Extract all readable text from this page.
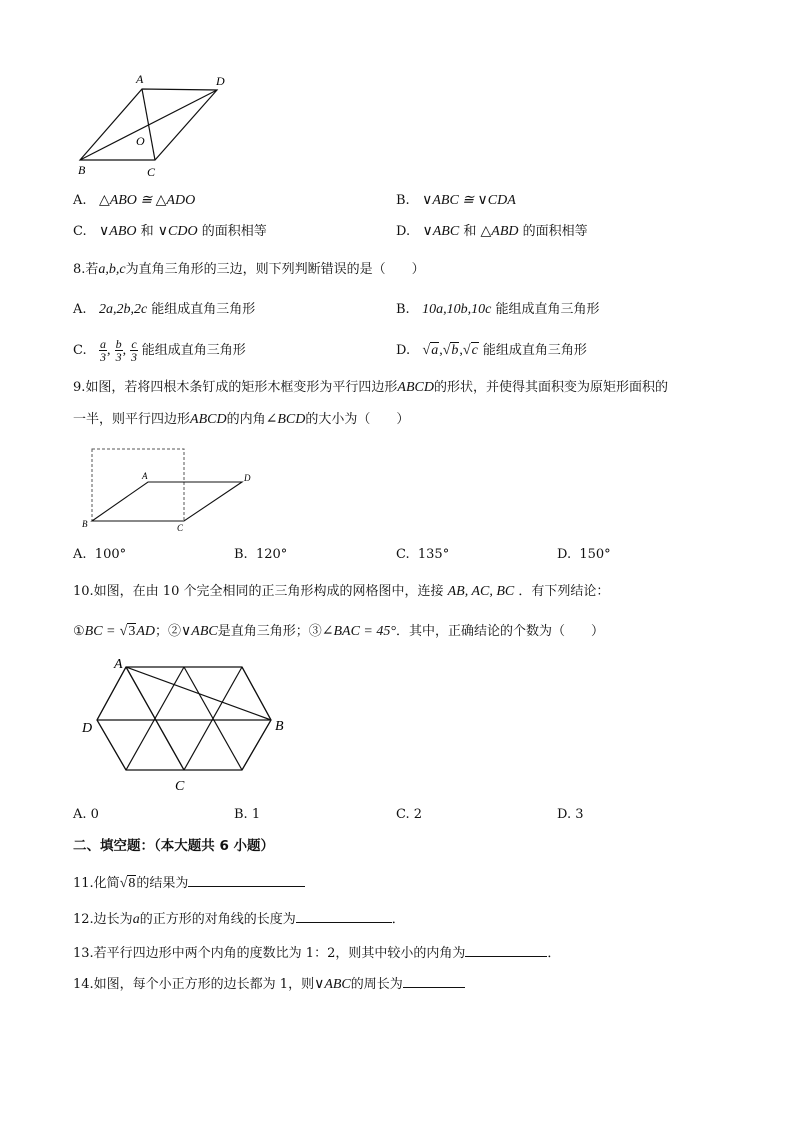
A	D
O
B	C
A. △ABO ≅ △ADO	B. ∨ABC ≅ ∨CDA
C. ∨ABO 和 ∨CDO 的面积相等	D. ∨ABC 和 △ABD 的面积相等
8.若a,b,c为直角三角形的三边，则下列判断错误的是（　　）
A. 2a,2b,2c 能组成直角三角形	B. 10a,10b,10c 能组成直角三角形
C. $\frac{a}{3}$ , $\frac{b}{3}$ , $\frac{c}{3}$ 能组成直角三角形	D. √a,√b,√c 能组成直角三角形
9.如图，若将四根木条钉成的矩形木框变形为平行四边形ABCD的形状，并使得其面积变为原矩形面积的
一半，则平行四边形ABCD的内角∠BCD的大小为（　　）
A	D
B	C
A. 100°	B. 120°	C. 135°	D. 150°
10.如图，在由 10 个完全相同的正三角形构成的网格图中，连接 AB, AC, BC ．有下列结论：
①BC = √3AD；②∨ABC是直角三角形；③∠BAC = 45°．其中，正确结论的个数为（　　）
A
D	B
C
A. 0	B. 1	C. 2	D. 3
二、填空题：（本大题共 6 小题）
11.化简√8的结果为
12.边长为a的正方形的对角线的长度为	．
13.若平行四边形中两个内角的度数比为 1：2，则其中较小的内角为	．
14.如图，每个小正方形的边长都为 1，则∨ABC的周长为
